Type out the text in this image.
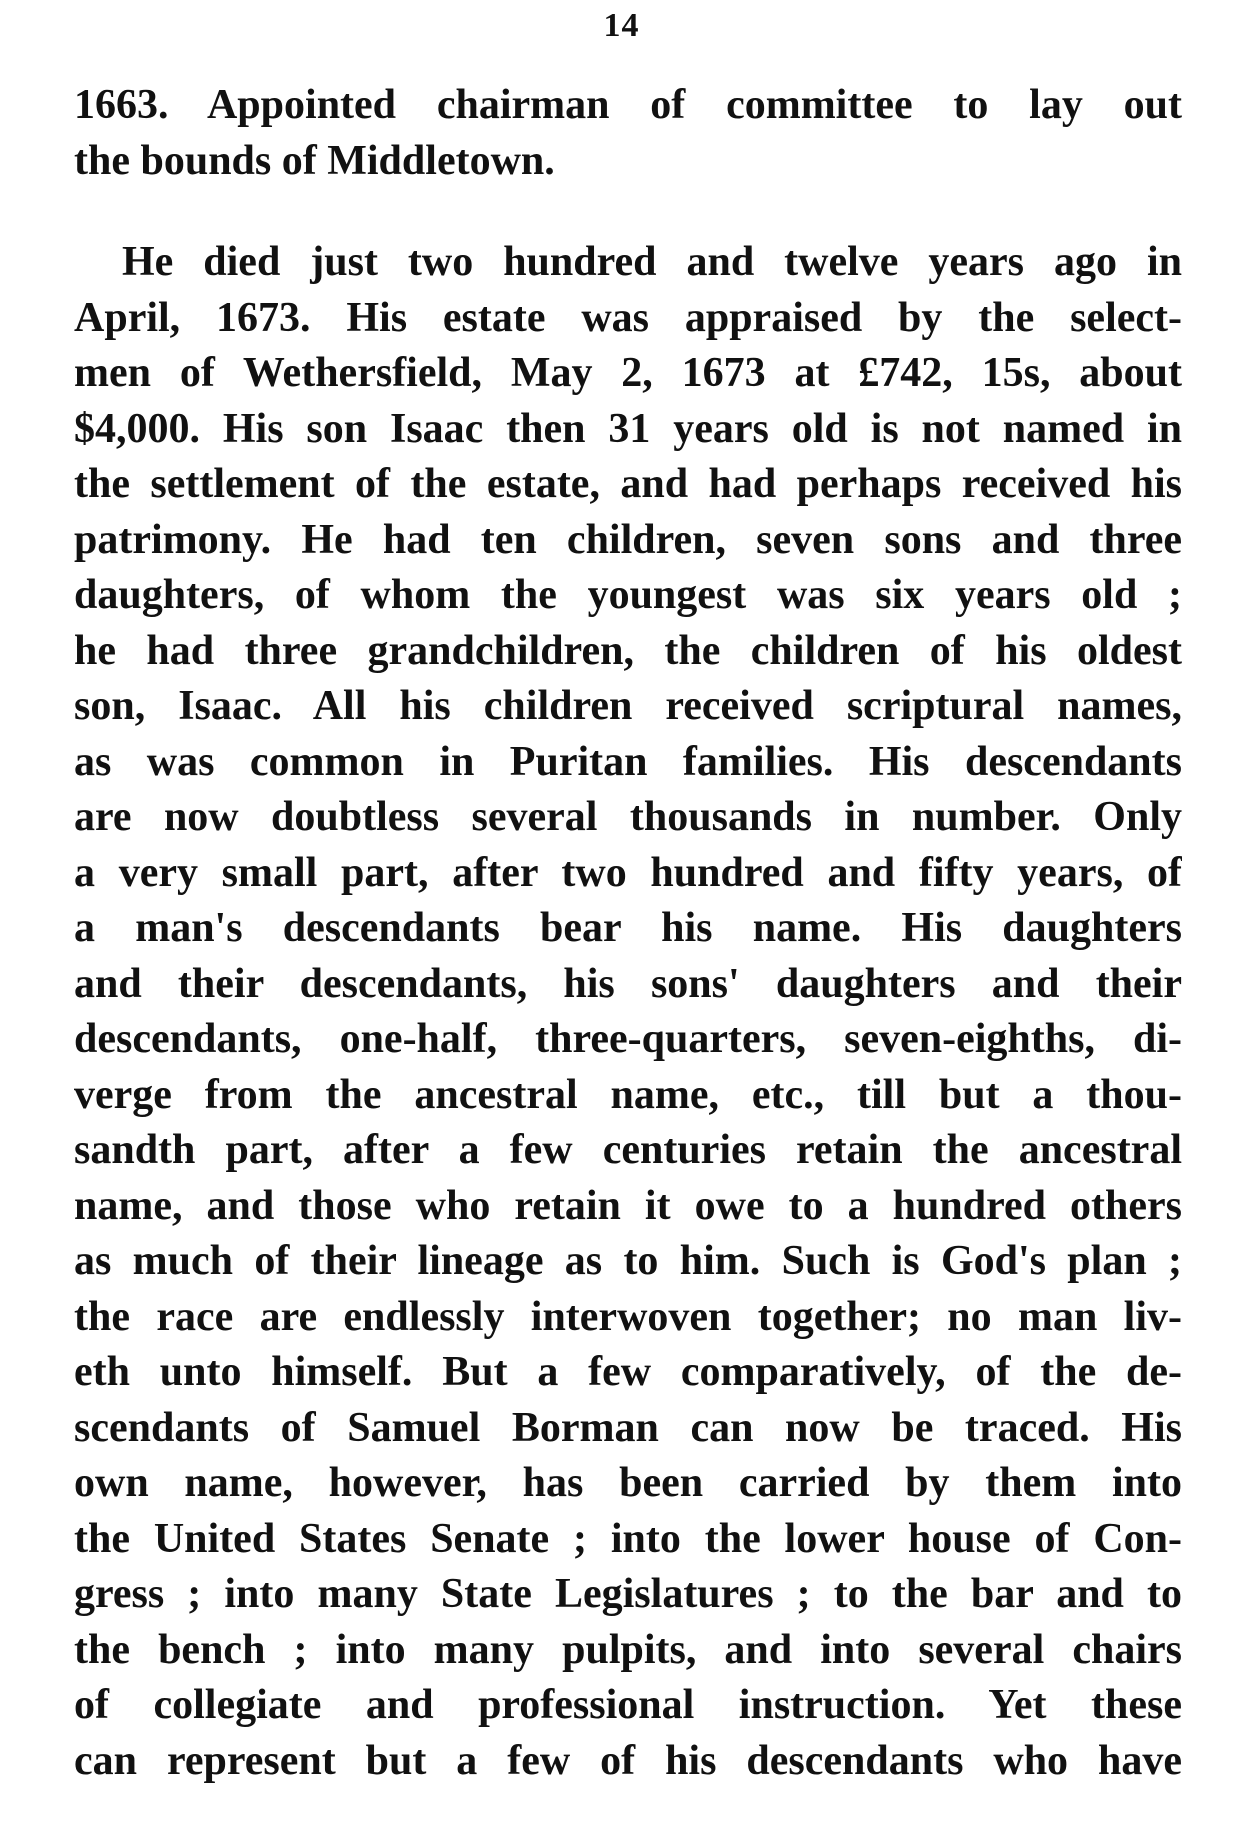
14
1663. Appointed chairman of committee to lay out
the bounds of Middletown.
He died just two hundred and twelve years ago in
April, 1673. His estate was appraised by the select-
men of Wethersfield, May 2, 1673 at £742, 15s, about
$4,000. His son Isaac then 31 years old is not named in
the settlement of the estate, and had perhaps received his
patrimony. He had ten children, seven sons and three
daughters, of whom the youngest was six years old ;
he had three grandchildren, the children of his oldest
son, Isaac. All his children received scriptural names,
as was common in Puritan families. His descendants
are now doubtless several thousands in number. Only
a very small part, after two hundred and fifty years, of
a man's descendants bear his name. His daughters
and their descendants, his sons' daughters and their
descendants, one-half, three-quarters, seven-eighths, di-
verge from the ancestral name, etc., till but a thou-
sandth part, after a few centuries retain the ancestral
name, and those who retain it owe to a hundred others
as much of their lineage as to him. Such is God's plan ;
the race are endlessly interwoven together; no man liv-
eth unto himself. But a few comparatively, of the de-
scendants of Samuel Borman can now be traced. His
own name, however, has been carried by them into
the United States Senate ; into the lower house of Con-
gress ; into many State Legislatures ; to the bar and to
the bench ; into many pulpits, and into several chairs
of collegiate and professional instruction. Yet these
can represent but a few of his descendants who have
